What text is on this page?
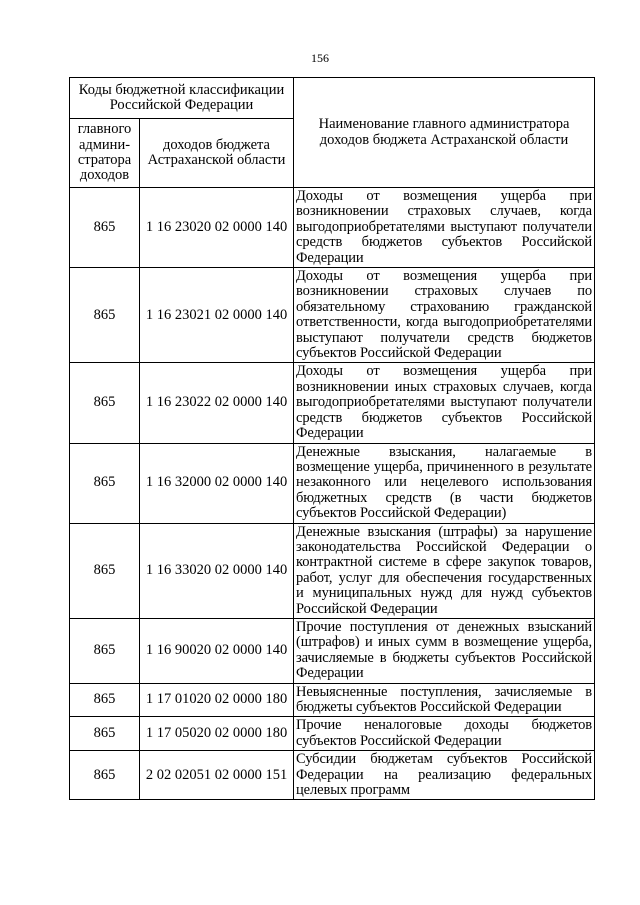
156
Коды бюджетной классификации Российской Федерации		Наименование главного администратора доходов бюджета Астраханской области
главного админи-стратора доходов	доходов бюджета Астраханской области	
865	1 16 23020 02 0000 140	Доходы от возмещения ущерба при возникновении страховых случаев, когда выгодоприобретателями выступают получатели средств бюджетов субъектов Российской Федерации
865	1 16 23021 02 0000 140	Доходы от возмещения ущерба при возникновении страховых случаев по обязательному страхованию гражданской ответственности, когда выгодоприобретателями выступают получатели средств бюджетов субъектов Российской Федерации
865	1 16 23022 02 0000 140	Доходы от возмещения ущерба при возникновении иных страховых случаев, когда выгодоприобретателями выступают получатели средств бюджетов субъектов Российской Федерации
865	1 16 32000 02 0000 140	Денежные взыскания, налагаемые в возмещение ущерба, причиненного в результате незаконного или нецелевого использования бюджетных средств (в части бюджетов субъектов Российской Федерации)
865	1 16 33020 02 0000 140	Денежные взыскания (штрафы) за нарушение законодательства Российской Федерации о контрактной системе в сфере закупок товаров, работ, услуг для обеспечения государственных и муниципальных нужд для нужд субъектов Российской Федерации
865	1 16 90020 02 0000 140	Прочие поступления от денежных взысканий (штрафов) и иных сумм в возмещение ущерба, зачисляемые в бюджеты субъектов Российской Федерации
865	1 17 01020 02 0000 180	Невыясненные поступления, зачисляемые в бюджеты субъектов Российской Федерации
865	1 17 05020 02 0000 180	Прочие неналоговые доходы бюджетов субъектов Российской Федерации
865	2 02 02051 02 0000 151	Субсидии бюджетам субъектов Российской Федерации на реализацию федеральных целевых программ
